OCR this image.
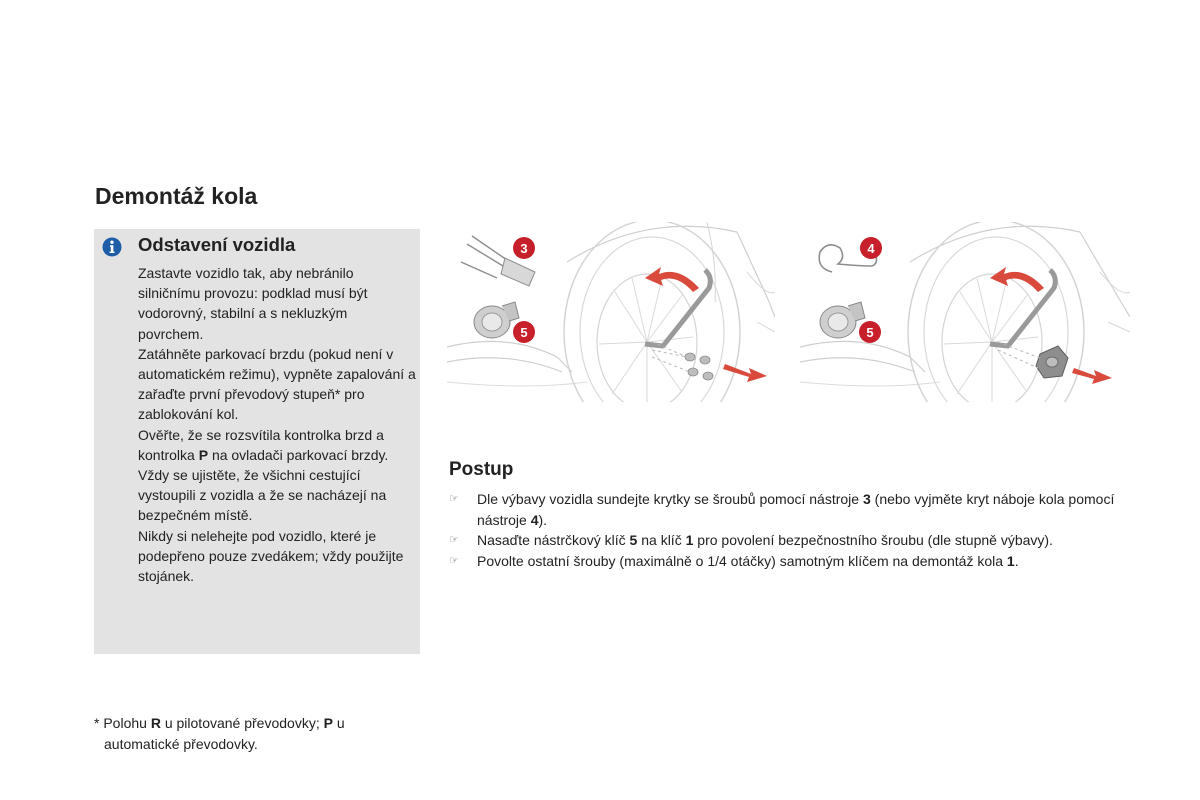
Demontáž kola
Odstavení vozidla

Zastavte vozidlo tak, aby nebránilo silničnímu provozu: podklad musí být vodorovný, stabilní a s nekluzkým povrchem.

Zatáhněte parkovací brzdu (pokud není v automatickém režimu), vypněte zapalování a zařaďte první převodový stupeň* pro zablokování kol.

Ověřte, že se rozsvítila kontrolka brzd a kontrolka P na ovladači parkovací brzdy.

Vždy se ujistěte, že všichni cestující vystoupili z vozidla a že se nacházejí na bezpečném místě.

Nikdy si nelehejte pod vozidlo, které je podepřeno pouze zvedákem; vždy použijte stojánek.

3
5
4
5
Postup
☞ Dle výbavy vozidla sundejte krytky se šroubů pomocí nástroje 3 (nebo vyjměte kryt náboje kola pomocí nástroje 4).
☞ Nasaďte nástrčkový klíč 5 na klíč 1 pro povolení bezpečnostního šroubu (dle stupně výbavy).
☞ Povolte ostatní šrouby (maximálně o 1/4 otáčky) samotným klíčem na demontáž kola 1.

* Polohu R u pilotované převodovky; P u
automatické převodovky.
